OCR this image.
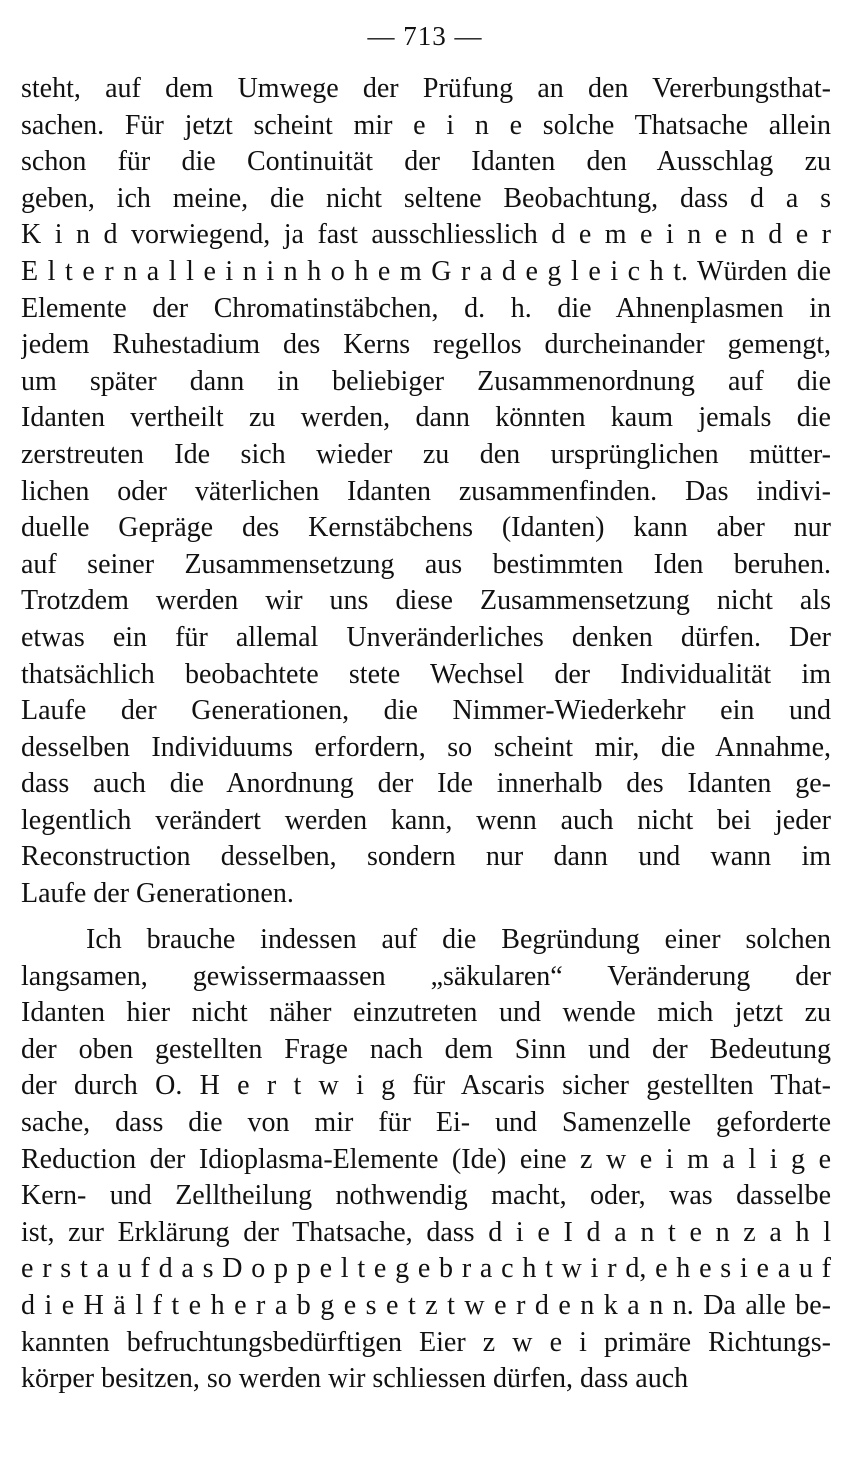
— 713 —
steht, auf dem Umwege der Prüfung an den Vererbungsthat-
sachen. Für jetzt scheint mir e i n e solche Thatsache allein
schon für die Continuität der Idanten den Ausschlag zu
geben, ich meine, die nicht seltene Beobachtung, dass d a s
K i n d vorwiegend, ja fast ausschliesslich d e m e i n e n d e r
E l t e r n a l l e i n i n h o h e m G r a d e g l e i c h t. Würden die
Elemente der Chromatinstäbchen, d. h. die Ahnenplasmen in
jedem Ruhestadium des Kerns regellos durcheinander gemengt,
um später dann in beliebiger Zusammenordnung auf die
Idanten vertheilt zu werden, dann könnten kaum jemals die
zerstreuten Ide sich wieder zu den ursprünglichen mütter-
lichen oder väterlichen Idanten zusammenfinden. Das indivi-
duelle Gepräge des Kernstäbchens (Idanten) kann aber nur
auf seiner Zusammensetzung aus bestimmten Iden beruhen.
Trotzdem werden wir uns diese Zusammensetzung nicht als
etwas ein für allemal Unveränderliches denken dürfen. Der
thatsächlich beobachtete stete Wechsel der Individualität im
Laufe der Generationen, die Nimmer-Wiederkehr ein und
desselben Individuums erfordern, so scheint mir, die Annahme,
dass auch die Anordnung der Ide innerhalb des Idanten ge-
legentlich verändert werden kann, wenn auch nicht bei jeder
Reconstruction desselben, sondern nur dann und wann im
Laufe der Generationen.
Ich brauche indessen auf die Begründung einer solchen
langsamen, gewissermaassen „säkularen“ Veränderung der
Idanten hier nicht näher einzutreten und wende mich jetzt zu
der oben gestellten Frage nach dem Sinn und der Bedeutung
der durch O. H e r t w i g für Ascaris sicher gestellten That-
sache, dass die von mir für Ei- und Samenzelle geforderte
Reduction der Idioplasma-Elemente (Ide) eine z w e i m a l i g e
Kern- und Zelltheilung nothwendig macht, oder, was dasselbe
ist, zur Erklärung der Thatsache, dass d i e I d a n t e n z a h l
e r s t a u f d a s D o p p e l t e g e b r a c h t w i r d, e h e s i e a u f
d i e H ä l f t e h e r a b g e s e t z t w e r d e n k a n n. Da alle be-
kannten befruchtungsbedürftigen Eier z w e i primäre Richtungs-
körper besitzen, so werden wir schliessen dürfen, dass auch
